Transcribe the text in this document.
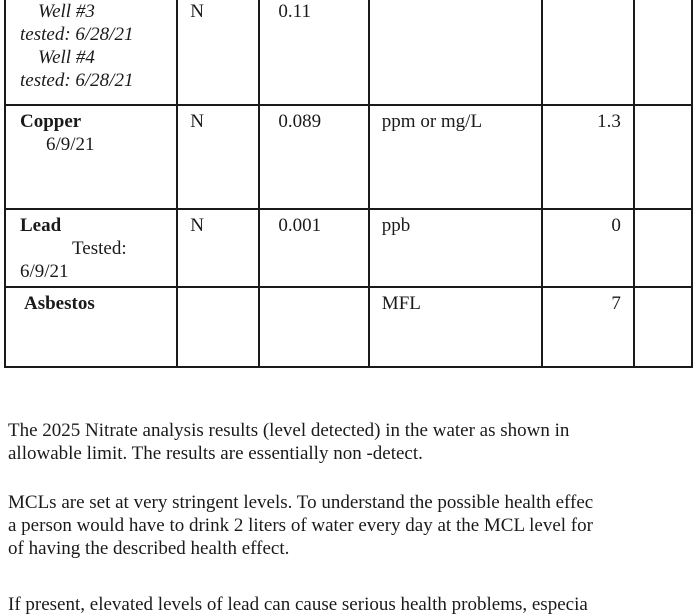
Well #3
tested: 6/28/21
Well #4
tested: 6/28/21	N	0.11			

Copper
6/9/21	N	0.089	ppm or mg/L	1.3	

Lead
Tested:
6/9/21	N	0.001	ppb	0	

Asbestos			MFL	7	
The 2025 Nitrate analysis results (level detected) in the water as shown in
allowable limit. The results are essentially non -detect.
MCLs are set at very stringent levels. To understand the possible health effec
a person would have to drink 2 liters of water every day at the MCL level for
of having the described health effect.
If present, elevated levels of lead can cause serious health problems, especia
